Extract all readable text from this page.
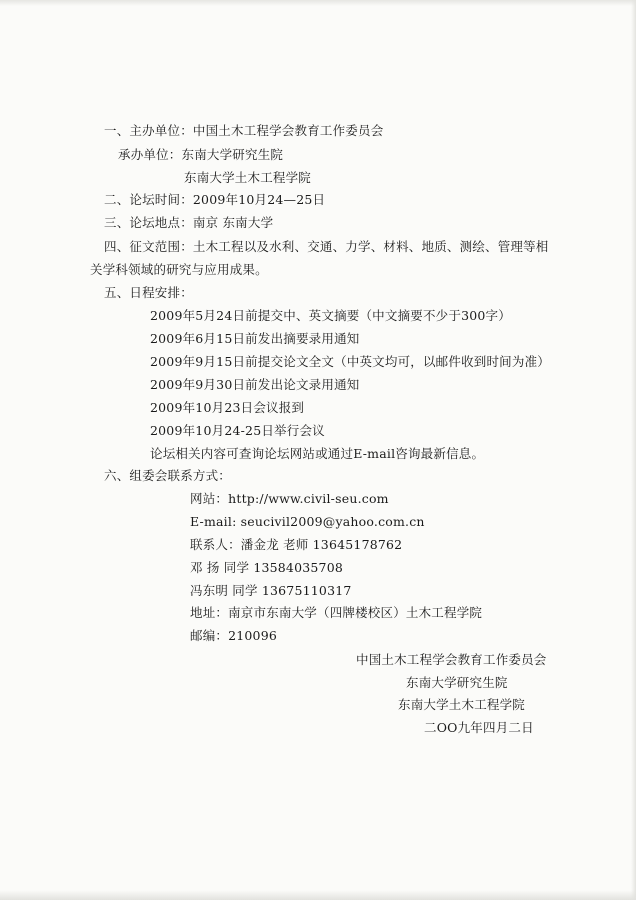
一、主办单位：中国土木工程学会教育工作委员会
承办单位：东南大学研究生院
东南大学土木工程学院
二、论坛时间：2009年10月24—25日
三、论坛地点：南京 东南大学
四、征文范围：土木工程以及水利、交通、力学、材料、地质、测绘、管理等相
关学科领域的研究与应用成果。
五、日程安排：
2009年5月24日前提交中、英文摘要（中文摘要不少于300字）
2009年6月15日前发出摘要录用通知
2009年9月15日前提交论文全文（中英文均可，以邮件收到时间为准）
2009年9月30日前发出论文录用通知
2009年10月23日会议报到
2009年10月24-25日举行会议
论坛相关内容可查询论坛网站或通过E-mail咨询最新信息。
六、组委会联系方式：
网站：http://www.civil-seu.com
E-mail: seucivil2009@yahoo.com.cn
联系人：潘金龙 老师 13645178762
邓 扬 同学 13584035708
冯东明 同学 13675110317
地址：南京市东南大学（四牌楼校区）土木工程学院
邮编：210096
中国土木工程学会教育工作委员会
东南大学研究生院
东南大学土木工程学院
二OO九年四月二日
